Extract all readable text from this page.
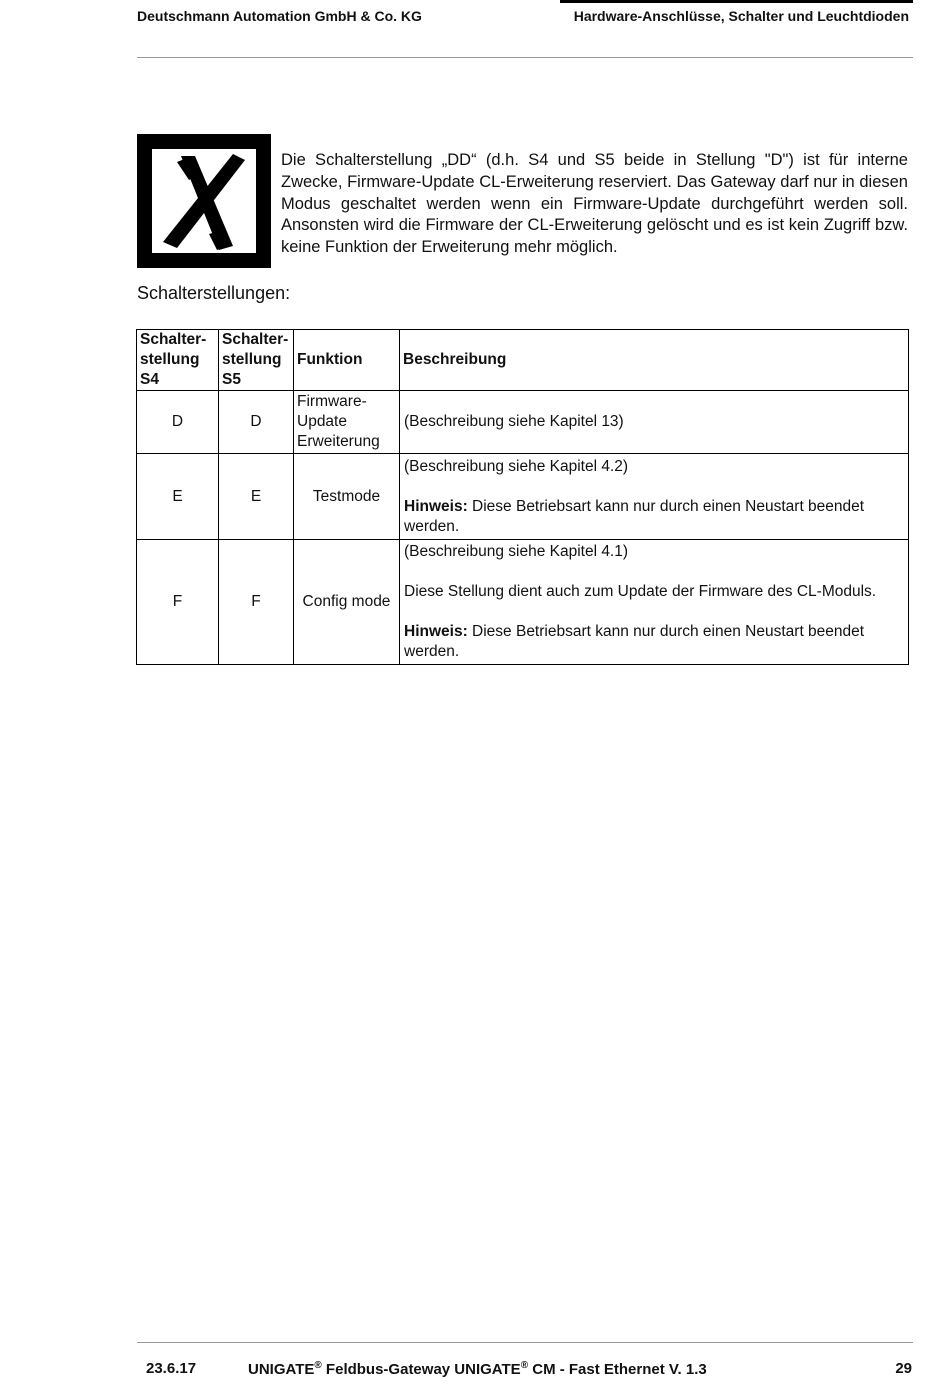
Deutschmann Automation GmbH & Co. KG	Hardware-Anschlüsse, Schalter und Leuchtdioden
Die Schalterstellung „DD“ (d.h. S4 und S5 beide in Stellung "D") ist für interne Zwecke, Firmware-Update CL-Erweiterung reserviert. Das Gateway darf nur in diesen Modus geschaltet werden wenn ein Firmware-Update durchgeführt werden soll. Ansonsten wird die Firmware der CL-Erweiterung gelöscht und es ist kein Zugriff bzw. keine Funktion der Erweiterung mehr möglich.
Schalterstellungen:
Schalter-
stellung
S4	Schalter-
stellung
S5	Funktion	Beschreibung
D	D	Firmware-
Update
Erweiterung	(Beschreibung siehe Kapitel 13)

E	E	Testmode	(Beschreibung siehe Kapitel 4.2)

Hinweis: Diese Betriebsart kann nur durch einen Neustart beendet werden.

F	F	Config mode	(Beschreibung siehe Kapitel 4.1)

Diese Stellung dient auch zum Update der Firmware des CL-Moduls.

Hinweis: Diese Betriebsart kann nur durch einen Neustart beendet werden.

23.6.17	UNIGATE® Feldbus-Gateway UNIGATE® CM - Fast Ethernet V. 1.3	29
